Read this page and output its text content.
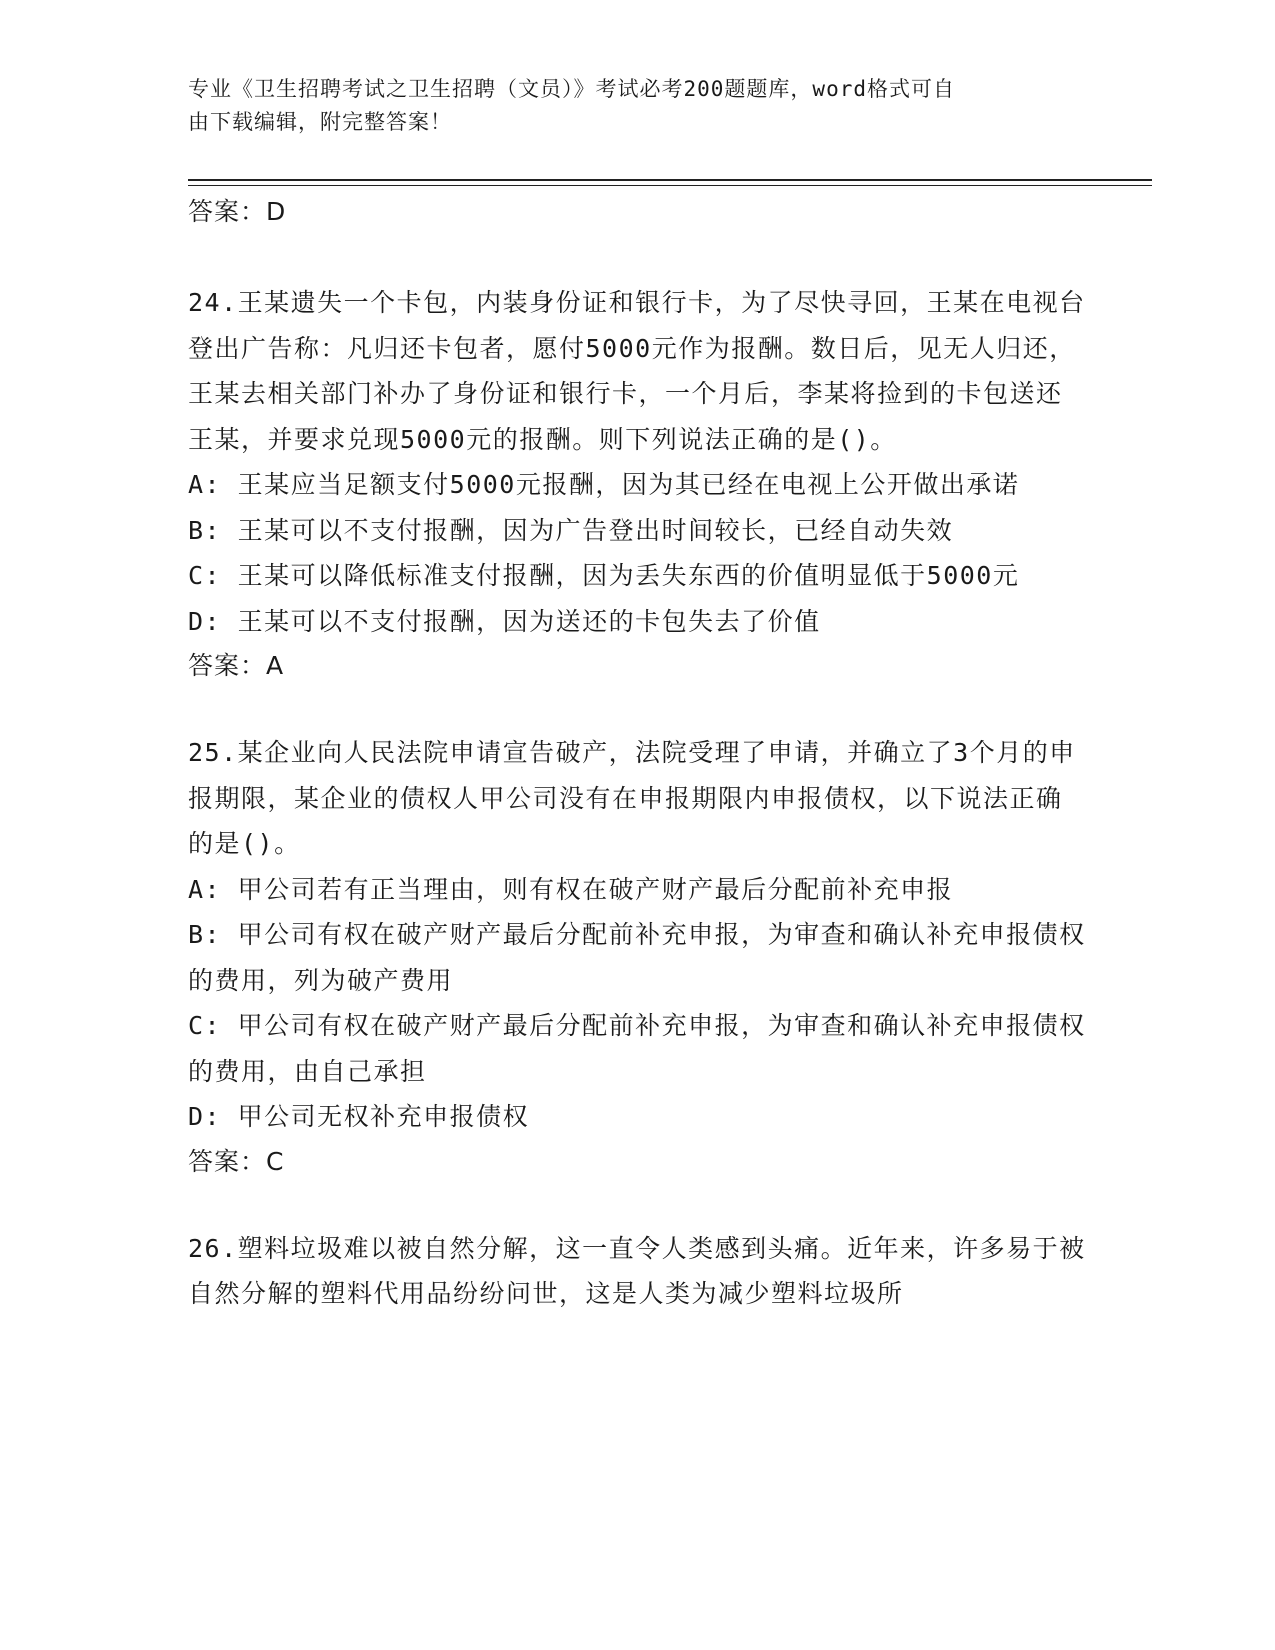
专业《卫生招聘考试之卫生招聘（文员）》考试必考200题题库，word格式可自
由下载编辑，附完整答案！

答案：D

24.王某遗失一个卡包，内装身份证和银行卡，为了尽快寻回，王某在电视台登出广告称：凡归还卡包者，愿付5000元作为报酬。数日后，见无人归还，王某去相关部门补办了身份证和银行卡，一个月后，李某将捡到的卡包送还王某，并要求兑现5000元的报酬。则下列说法正确的是()。

A: 王某应当足额支付5000元报酬，因为其已经在电视上公开做出承诺

B: 王某可以不支付报酬，因为广告登出时间较长，已经自动失效

C: 王某可以降低标准支付报酬，因为丢失东西的价值明显低于5000元

D: 王某可以不支付报酬，因为送还的卡包失去了价值

答案：A

25.某企业向人民法院申请宣告破产，法院受理了申请，并确立了3个月的申报期限，某企业的债权人甲公司没有在申报期限内申报债权，以下说法正确的是()。

A: 甲公司若有正当理由，则有权在破产财产最后分配前补充申报

B: 甲公司有权在破产财产最后分配前补充申报，为审查和确认补充申报债权的费用，列为破产费用

C: 甲公司有权在破产财产最后分配前补充申报，为审查和确认补充申报债权的费用，由自己承担

D: 甲公司无权补充申报债权

答案：C

26.塑料垃圾难以被自然分解，这一直令人类感到头痛。近年来，许多易于被自然分解的塑料代用品纷纷问世，这是人类为减少塑料垃圾所
